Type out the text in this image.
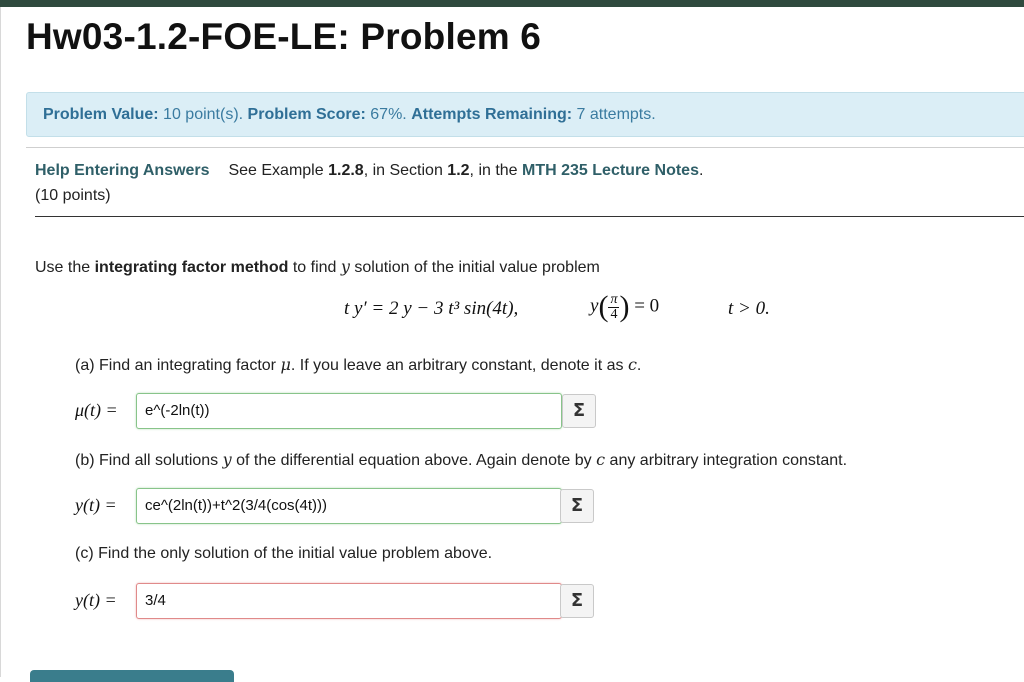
Hw03-1.2-FOE-LE: Problem 6
Problem Value: 10 point(s). Problem Score: 67%. Attempts Remaining: 7 attempts.
Help Entering Answers See Example 1.2.8, in Section 1.2, in the MTH 235 Lecture Notes.
(10 points)
Use the integrating factor method to find y solution of the initial value problem
t y′ = 2 y − 3 t³ sin(4t),	$y( \frac{\pi}{4}$ ) = 0	t > 0.
(a) Find an integrating factor μ. If you leave an arbitrary constant, denote it as c.
μ(t) =	e^(-2ln(t))	Σ
(b) Find all solutions y of the differential equation above. Again denote by c any arbitrary integration constant.
y(t) =	ce^(2ln(t))+t^2(3/4(cos(4t)))	Σ
(c) Find the only solution of the initial value problem above.
y(t) =	3/4	Σ
